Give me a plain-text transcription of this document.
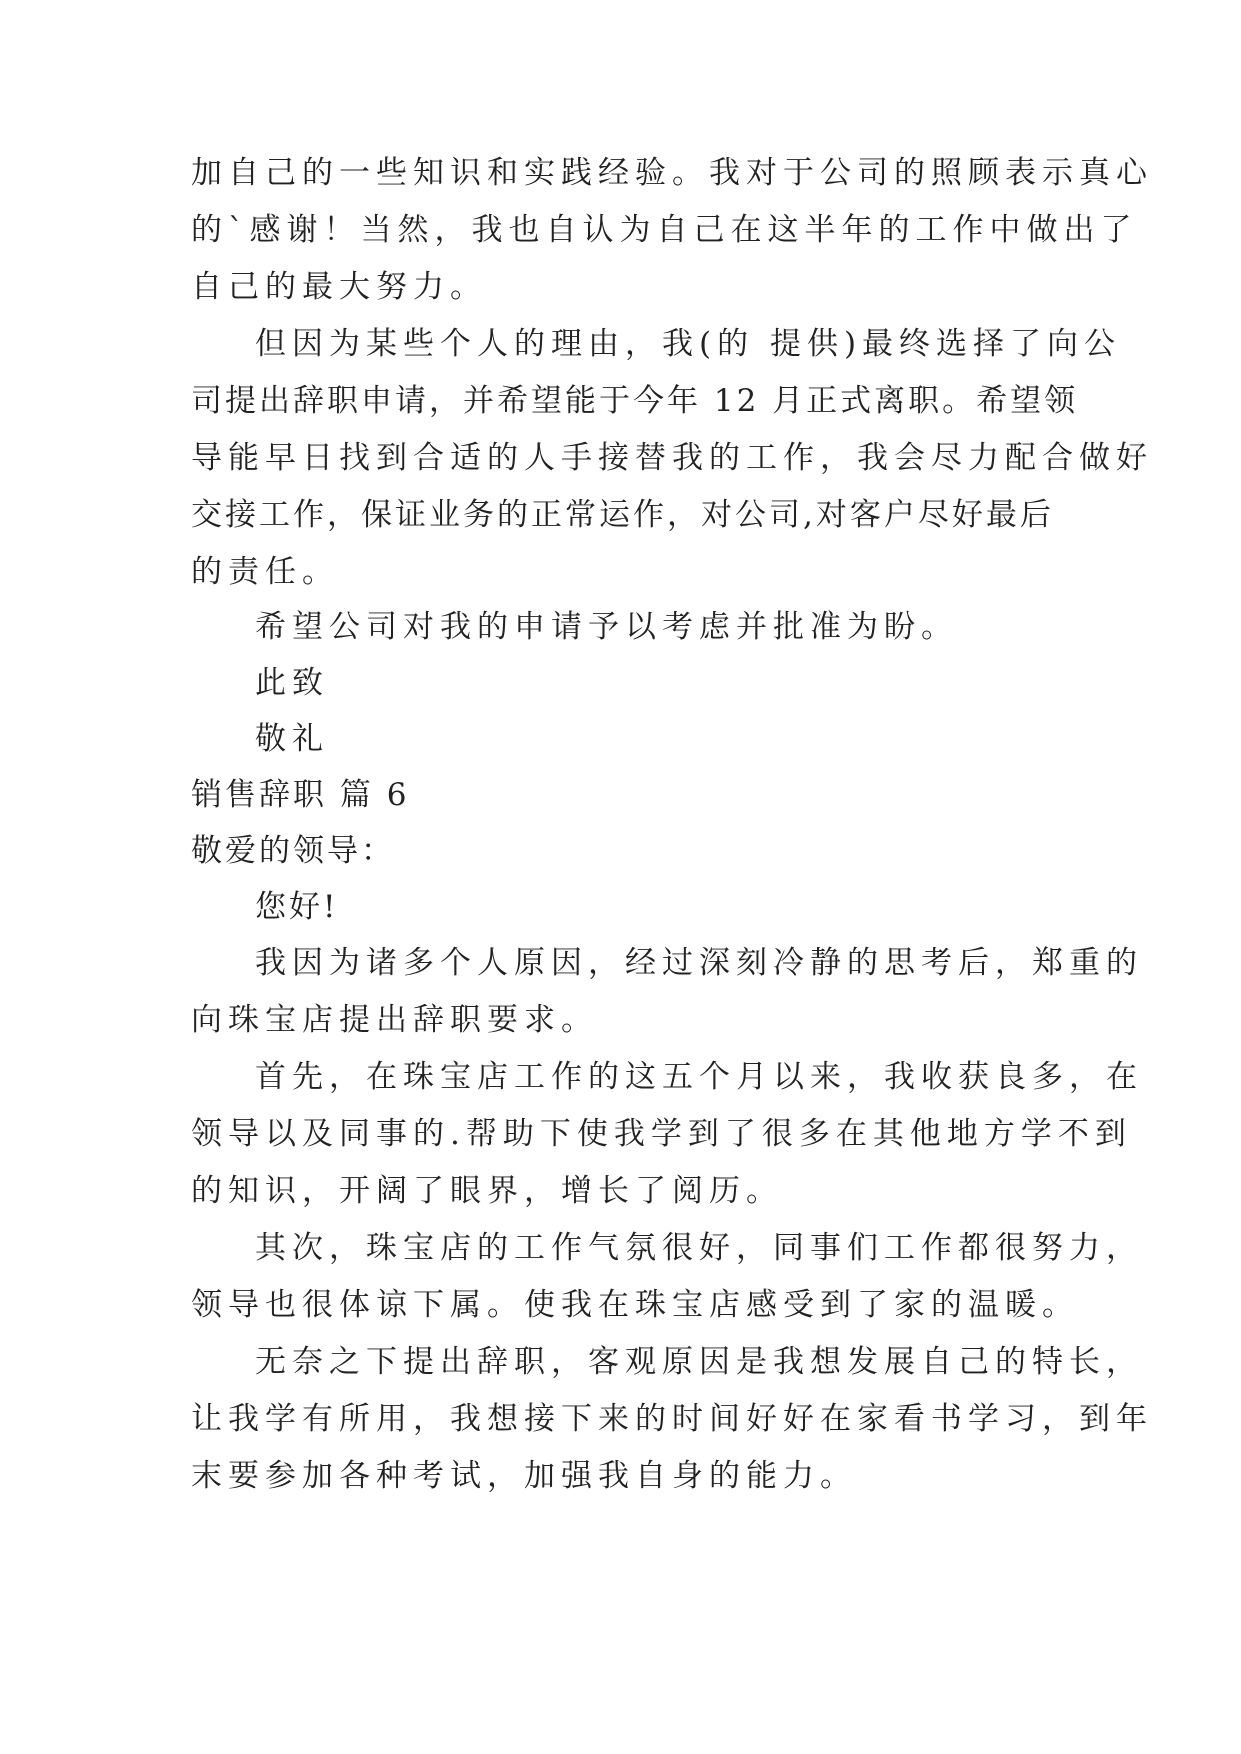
加自己的一些知识和实践经验。我对于公司的照顾表示真心
的`感谢！当然，我也自认为自己在这半年的工作中做出了
自己的最大努力。
但因为某些个人的理由，我(的 提供)最终选择了向公
司提出辞职申请，并希望能于今年 12 月正式离职。希望领
导能早日找到合适的人手接替我的工作，我会尽力配合做好
交接工作，保证业务的正常运作，对公司,对客户尽好最后
的责任。
希望公司对我的申请予以考虑并批准为盼。
此致
敬礼
销售辞职 篇 6
敬爱的领导：
您好!
我因为诸多个人原因，经过深刻冷静的思考后，郑重的
向珠宝店提出辞职要求。
首先，在珠宝店工作的这五个月以来，我收获良多，在
领导以及同事的.帮助下使我学到了很多在其他地方学不到
的知识，开阔了眼界，增长了阅历。
其次，珠宝店的工作气氛很好，同事们工作都很努力，
领导也很体谅下属。使我在珠宝店感受到了家的温暖。
无奈之下提出辞职，客观原因是我想发展自己的特长，
让我学有所用，我想接下来的时间好好在家看书学习，到年
末要参加各种考试，加强我自身的能力。
